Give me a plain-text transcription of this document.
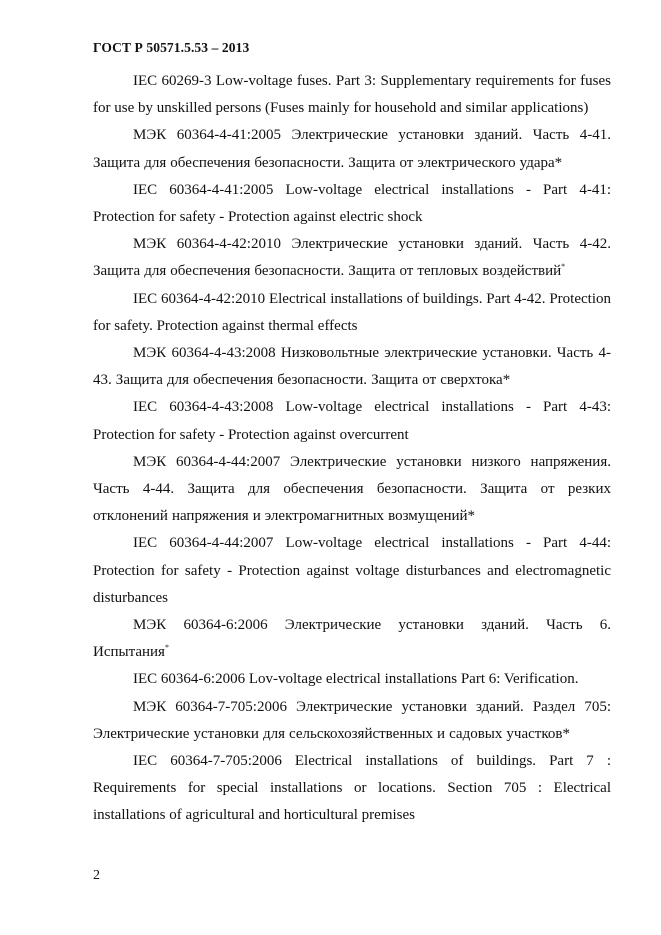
ГОСТ Р 50571.5.53 – 2013

IEC 60269-3 Low-voltage fuses. Part 3: Supplementary requirements for fuses for use by unskilled persons (Fuses mainly for household and similar applications)

МЭК 60364-4-41:2005 Электрические установки зданий. Часть 4-41. Защита для обеспечения безопасности. Защита от электрического удара*

IEC 60364-4-41:2005 Low-voltage electrical installations - Part 4-41: Protection for safety - Protection against electric shock

МЭК 60364-4-42:2010 Электрические установки зданий. Часть 4-42. Защита для обеспечения безопасности. Защита от тепловых воздействий*

IEC 60364-4-42:2010 Electrical installations of buildings. Part 4-42. Protection for safety. Protection against thermal effects

МЭК 60364-4-43:2008 Низковольтные электрические установки. Часть 4-43. Защита для обеспечения безопасности. Защита от сверхтока*

IEC 60364-4-43:2008 Low-voltage electrical installations - Part 4-43: Protection for safety - Protection against overcurrent

МЭК 60364-4-44:2007 Электрические установки низкого напряжения. Часть 4-44. Защита для обеспечения безопасности. Защита от резких отклонений напряжения и электромагнитных возмущений*

IEC 60364-4-44:2007 Low-voltage electrical installations - Part 4-44: Protection for safety - Protection against voltage disturbances and electromagnetic disturbances

МЭК 60364-6:2006 Электрические установки зданий. Часть 6. Испытания*

IEC 60364-6:2006 Lov-voltage electrical installations Part 6: Verification.

МЭК 60364-7-705:2006 Электрические установки зданий. Раздел 705: Электрические установки для сельскохозяйственных и садовых участков*

IEC 60364-7-705:2006 Electrical installations of buildings. Part 7 : Requirements for special installations or locations. Section 705 : Electrical installations of agricultural and horticultural premises

2
